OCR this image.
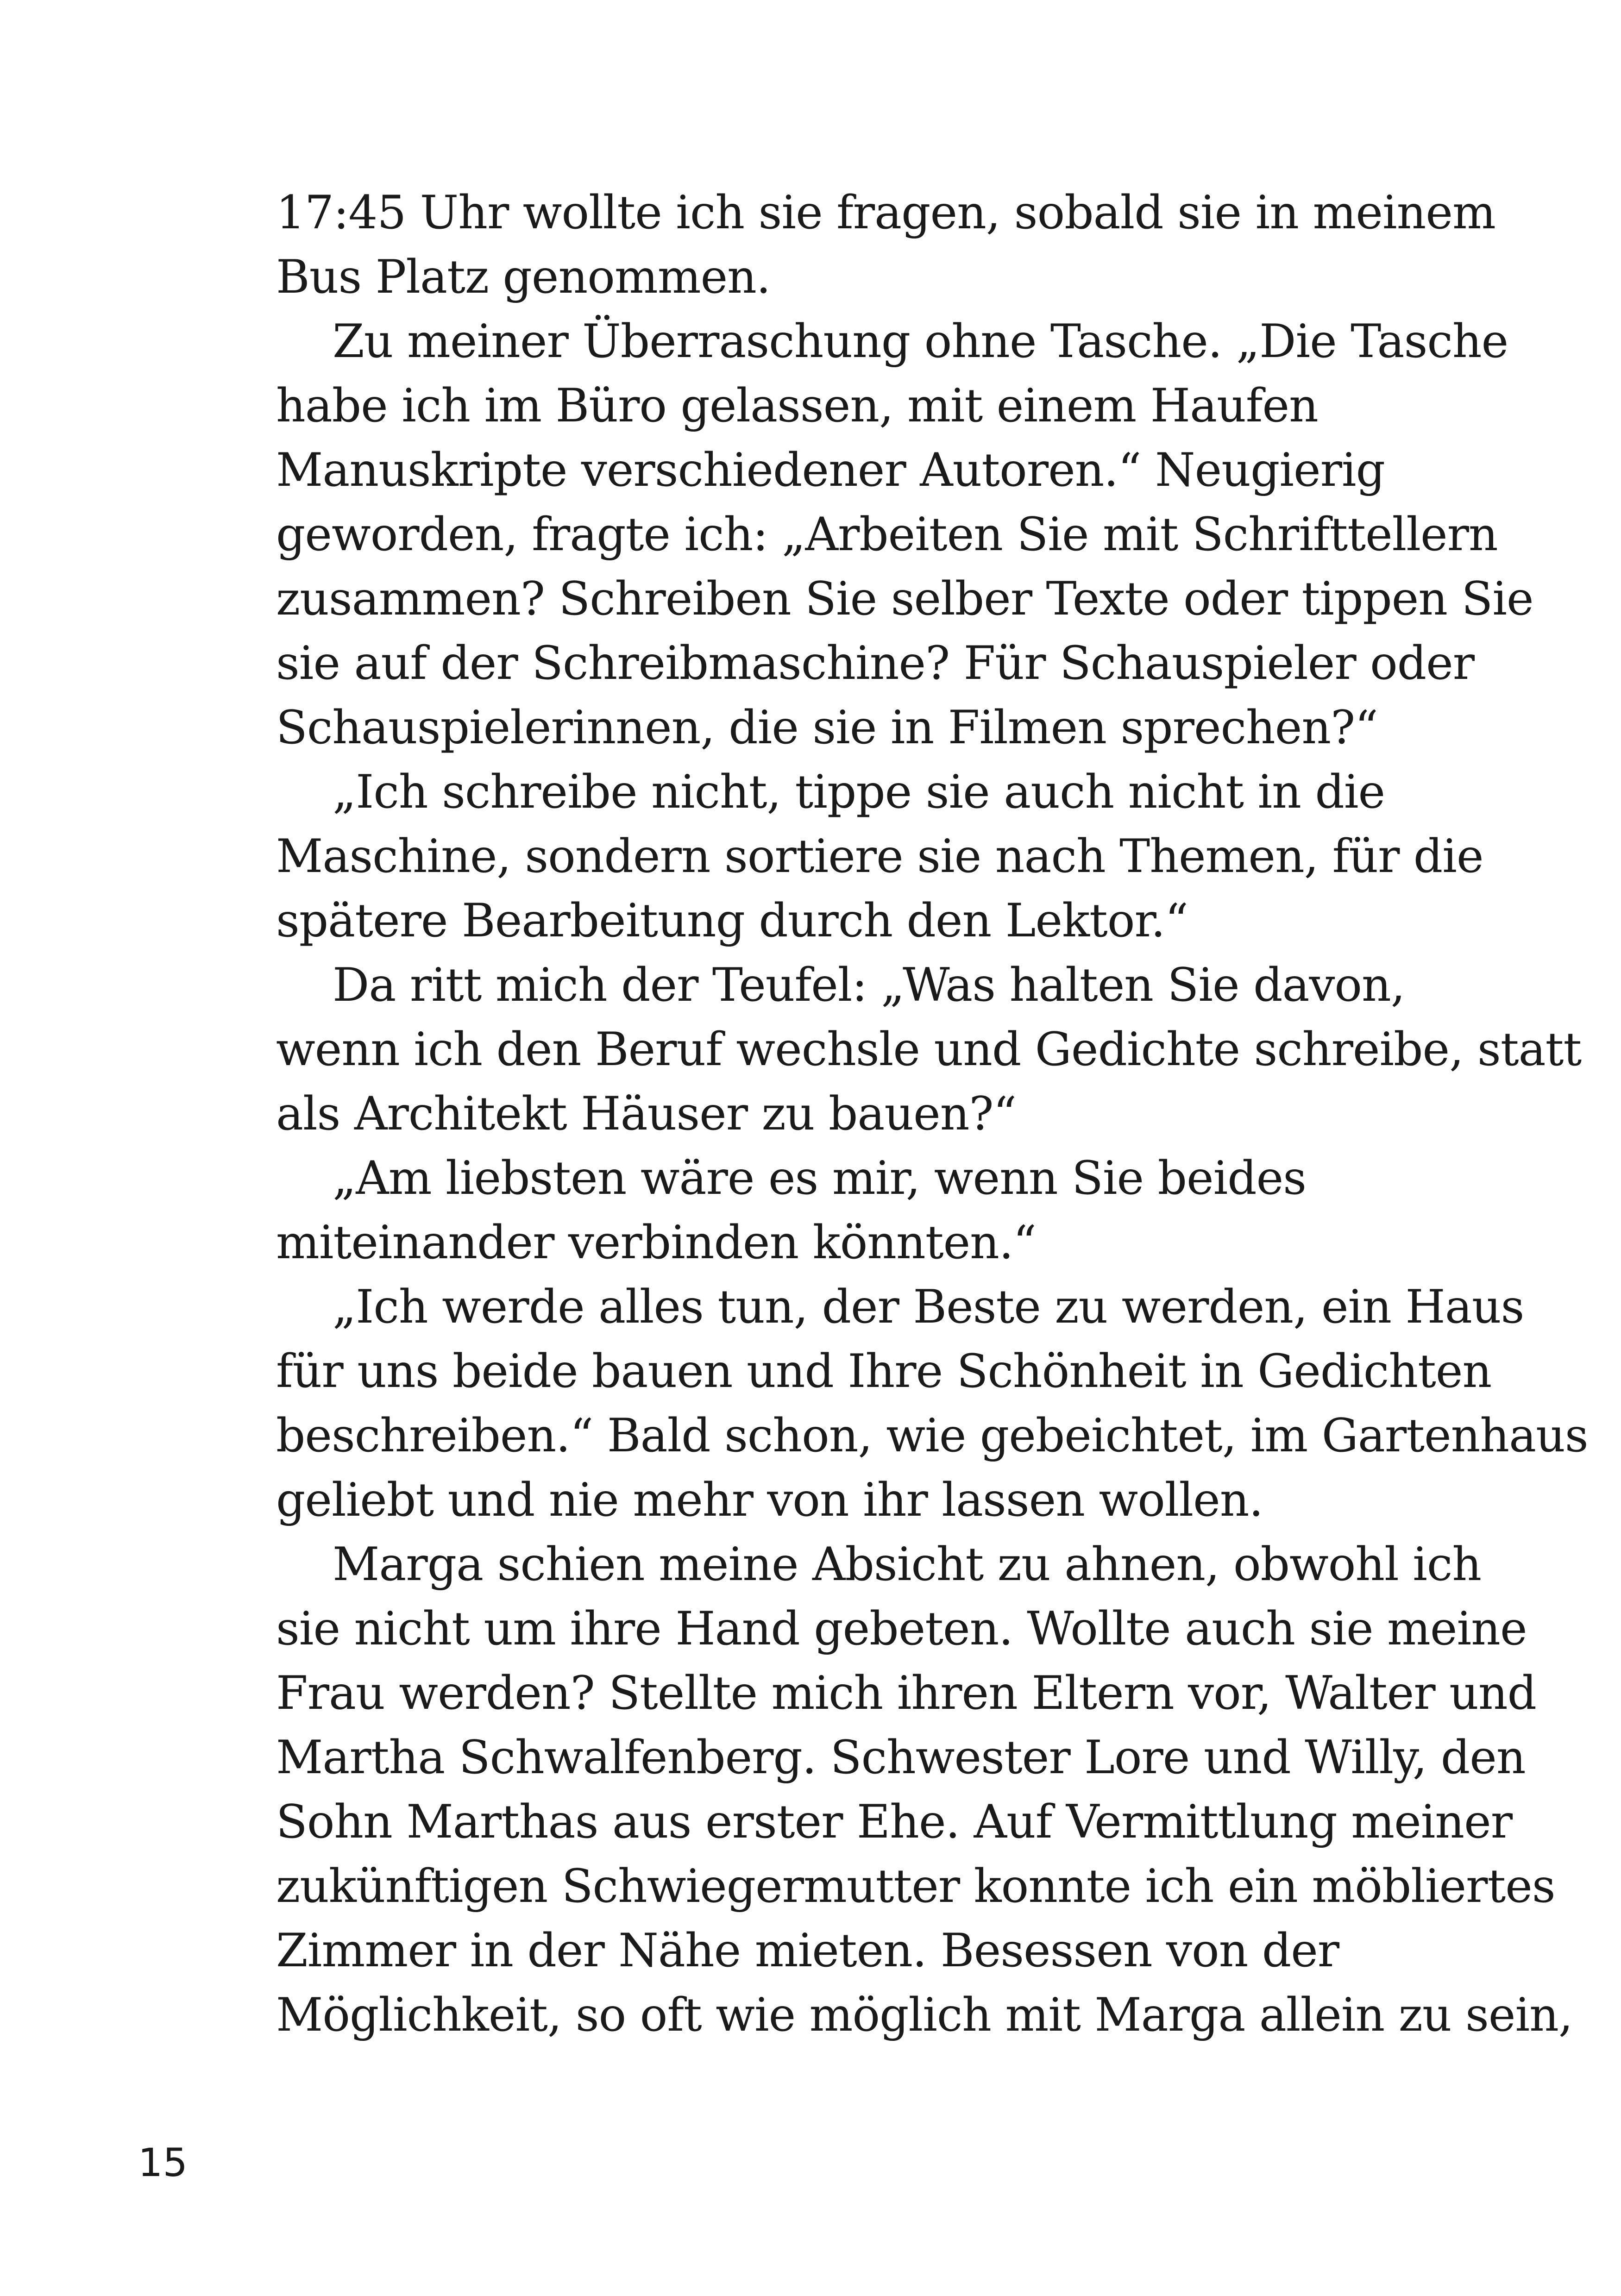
17:45 Uhr wollte ich sie fragen, sobald sie in meinem
Bus Platz genommen.
Zu meiner Überraschung ohne Tasche. „Die Tasche
habe ich im Büro gelassen, mit einem Haufen
Manuskripte verschiedener Autoren.“ Neugierig
geworden, fragte ich: „Arbeiten Sie mit Schrifttellern
zusammen? Schreiben Sie selber Texte oder tippen Sie
sie auf der Schreibmaschine? Für Schauspieler oder
Schauspielerinnen, die sie in Filmen sprechen?“
„Ich schreibe nicht, tippe sie auch nicht in die
Maschine, sondern sortiere sie nach Themen, für die
spätere Bearbeitung durch den Lektor.“
Da ritt mich der Teufel: „Was halten Sie davon,
wenn ich den Beruf wechsle und Gedichte schreibe, statt
als Architekt Häuser zu bauen?“
„Am liebsten wäre es mir, wenn Sie beides
miteinander verbinden könnten.“
„Ich werde alles tun, der Beste zu werden, ein Haus
für uns beide bauen und Ihre Schönheit in Gedichten
beschreiben.“ Bald schon, wie gebeichtet, im Gartenhaus
geliebt und nie mehr von ihr lassen wollen.
Marga schien meine Absicht zu ahnen, obwohl ich
sie nicht um ihre Hand gebeten. Wollte auch sie meine
Frau werden? Stellte mich ihren Eltern vor, Walter und
Martha Schwalfenberg. Schwester Lore und Willy, den
Sohn Marthas aus erster Ehe. Auf Vermittlung meiner
zukünftigen Schwiegermutter konnte ich ein möbliertes
Zimmer in der Nähe mieten. Besessen von der
Möglichkeit, so oft wie möglich mit Marga allein zu sein,
15
